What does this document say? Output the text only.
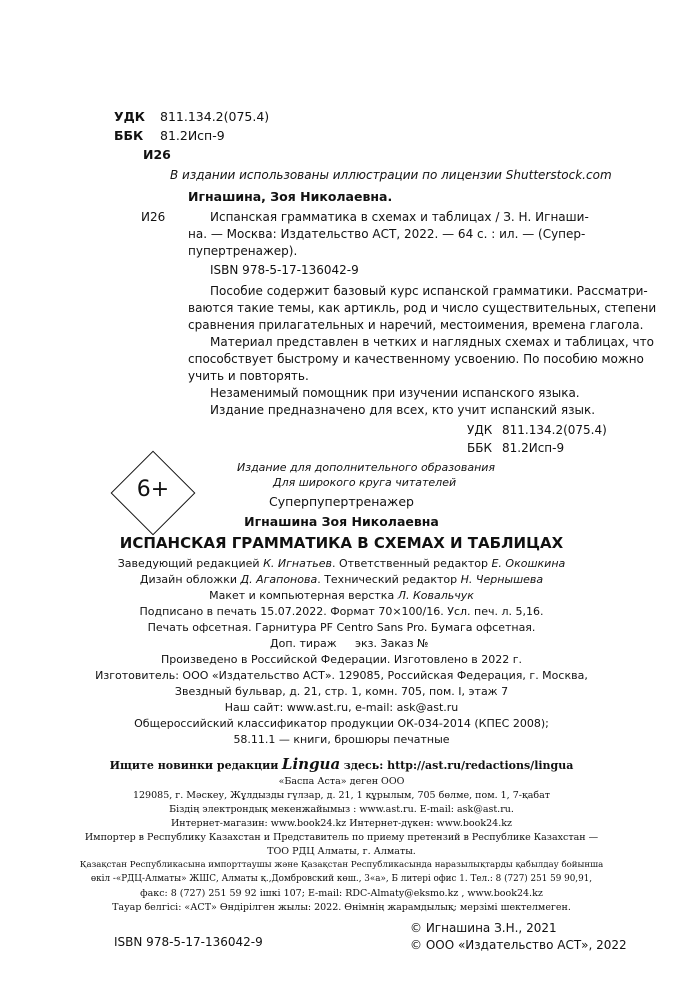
УДК 811.134.2(075.4)
ББК 81.2Исп-9
И26
В издании использованы иллюстрации по лицензии Shutterstock.com
Игнашина, Зоя Николаевна.
И26	Испанская грамматика в схемах и таблицах / З. Н. Игнаши-
на. — Москва: Издательство АСТ, 2022. — 64 с. : ил. — (Супер-
пупертренажер).
ISBN 978-5-17-136042-9
Пособие содержит базовый курс испанской грамматики. Рассматри-
ваются такие темы, как артикль, род и число существительных, степени
сравнения прилагательных и наречий, местоимения, времена глагола.
Материал представлен в четких и наглядных схемах и таблицах, что
способствует быстрому и качественному усвоению. По пособию можно
учить и повторять.
Незаменимый помощник при изучении испанского языка.
Издание предназначено для всех, кто учит испанский язык.
УДК 811.134.2(075.4)
ББК 81.2Исп-9
6+
Издание для дополнительного образования
Для широкого круга читателей
Суперпупертренажер
Игнашина Зоя Николаевна
ИСПАНСКАЯ ГРАММАТИКА В СХЕМАХ И ТАБЛИЦАХ
Заведующий редакцией К. Игнатьев. Ответственный редактор Е. Окошкина
Дизайн обложки Д. Агапонова. Технический редактор Н. Чернышева
Макет и компьютерная верстка Л. Ковальчук
Подписано в печать 15.07.2022. Формат 70×100/16. Усл. печ. л. 5,16.
Печать офсетная. Гарнитура PF Centro Sans Pro. Бумага офсетная.
Доп. тираж экз. Заказ №
Произведено в Российской Федерации. Изготовлено в 2022 г.
Изготовитель: ООО «Издательство АСТ». 129085, Российская Федерация, г. Москва,
Звездный бульвар, д. 21, стр. 1, комн. 705, пом. I, этаж 7
Наш сайт: www.ast.ru, e-mail: ask@ast.ru
Общероссийский классификатор продукции ОК-034-2014 (КПЕС 2008);
58.11.1 — книги, брошюры печатные
Ищите новинки редакции Lingua здесь: http://ast.ru/redactions/lingua
«Баспа Аста» деген ООО
129085, г. Мәскеу, Жұлдызды гүлзар, д. 21, 1 құрылым, 705 бөлме, пом. 1, 7-қабат
Біздің электрондық мекенжайымыз : www.ast.ru. E-mail: ask@ast.ru.
Интернет-магазин: www.book24.kz Интернет-дүкен: www.book24.kz
Импортер в Республику Казахстан и Представитель по приему претензий в Республике Казахстан —
ТОО РДЦ Алматы, г. Алматы.
Қазақстан Республикасына импорттаушы және Қазақстан Республикасында наразылықтарды қабылдау бойынша
өкіл -«РДЦ-Алматы» ЖШС, Алматы қ.,Домбровский көш., 3«а», Б литері офис 1. Тел.: 8 (727) 251 59 90,91,
факс: 8 (727) 251 59 92 ішкі 107; E-mail: RDC-Almaty@eksmo.kz , www.book24.kz
Тауар белгісі: «АСТ» Өндірілген жылы: 2022. Өнімнің жарамдылық; мерзімі шектелмеген.
ISBN 978-5-17-136042-9
© Игнашина З.Н., 2021
© ООО «Издательство АСТ», 2022
